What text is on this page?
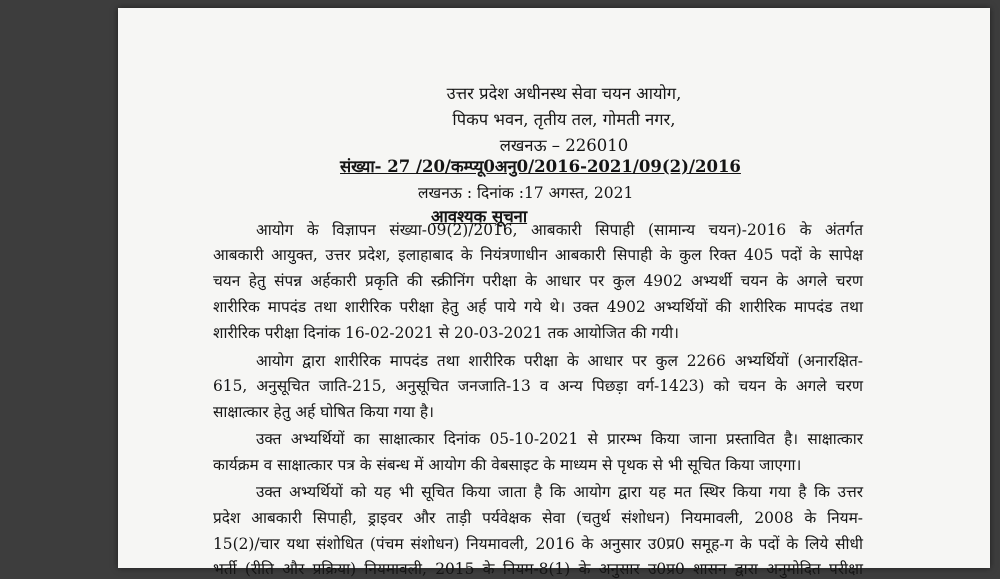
उत्तर प्रदेश अधीनस्थ सेवा चयन आयोग,
पिकप भवन, तृतीय तल, गोमती नगर,
लखनऊ – 226010
संख्या- 27 /20/कम्प्यू0अनु0/2016-2021/09(2)/2016
लखनऊ : दिनांक :17 अगस्त, 2021
आवश्यक सूचना
आयोग के विज्ञापन संख्या-09(2)/2016, आबकारी सिपाही (सामान्य चयन)-2016 के अंतर्गत
आबकारी आयुक्त, उत्तर प्रदेश, इलाहाबाद के नियंत्रणाधीन आबकारी सिपाही के कुल रिक्त 405 पदों के सापेक्ष
चयन हेतु संपन्न अर्हकारी प्रकृति की स्क्रीनिंग परीक्षा के आधार पर कुल 4902 अभ्यर्थी चयन के अगले चरण
शारीरिक मापदंड तथा शारीरिक परीक्षा हेतु अर्ह पाये गये थे। उक्त 4902 अभ्यर्थियों की शारीरिक मापदंड तथा
शारीरिक परीक्षा दिनांक 16-02-2021 से 20-03-2021 तक आयोजित की गयी।
आयोग द्वारा शारीरिक मापदंड तथा शारीरिक परीक्षा के आधार पर कुल 2266 अभ्यर्थियों (अनारक्षित-
615, अनुसूचित जाति-215, अनुसूचित जनजाति-13 व अन्य पिछड़ा वर्ग-1423) को चयन के अगले चरण
साक्षात्कार हेतु अर्ह घोषित किया गया है।
उक्त अभ्यर्थियों का साक्षात्कार दिनांक 05-10-2021 से प्रारम्भ किया जाना प्रस्तावित है। साक्षात्कार
कार्यक्रम व साक्षात्कार पत्र के संबन्ध में आयोग की वेबसाइट के माध्यम से पृथक से भी सूचित किया जाएगा।
उक्त अभ्यर्थियों को यह भी सूचित किया जाता है कि आयोग द्वारा यह मत स्थिर किया गया है कि उत्तर
प्रदेश आबकारी सिपाही, ड्राइवर और ताड़ी पर्यवेक्षक सेवा (चतुर्थ संशोधन) नियमावली, 2008 के नियम-
15(2)/चार यथा संशोधित (पंचम संशोधन) नियमावली, 2016 के अनुसार उ0प्र0 समूह-ग के पदों के लिये सीधी
भर्ती (रीति और प्रक्रिया) नियमावली, 2015 के नियम-8(1) के अनुसार उ0प्र0 शासन द्वारा अनुमोदित परीक्षा
